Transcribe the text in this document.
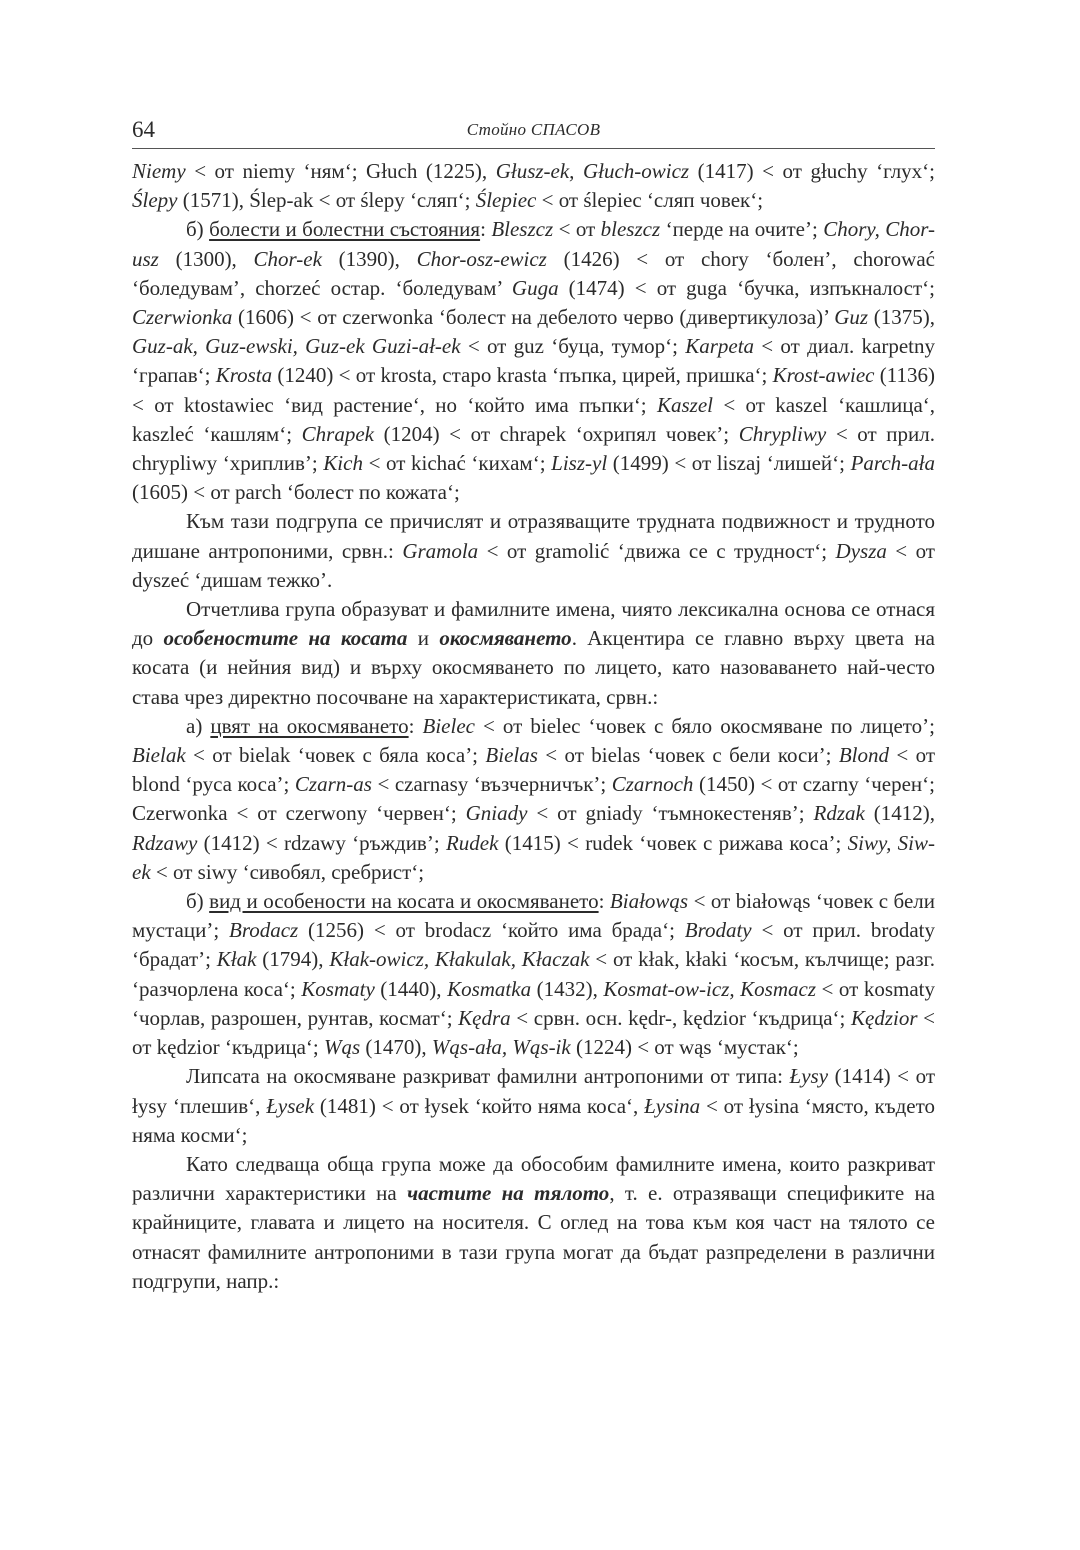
64	Стойно СПАСОВ

Niemy < от niemy ‘ням‘; Głuch (1225), Głusz-ek, Głuch-owicz (1417) < от głuchy ‘глух‘; Ślepy (1571), Ślep-ak < от ślepy ‘сляп‘; Ślepiec < от ślepiec ‘сляп човек‘;

б) болести и болестни състояния: Bleszcz < от bleszcz ‘перде на очите’; Chory, Chor-usz (1300), Chor-ek (1390), Chor-osz-ewicz (1426) < от chory ‘болен’, chorować ‘боледувам’, chorzeć остар. ‘боледувам’ Guga (1474) < от guga ‘бучка, изпъкналост‘; Czerwionka (1606) < от czerwonka ‘болест на дебелото черво (дивертикулоза)’ Guz (1375), Guz-ak, Guz-ewski, Guz-ek Guzi-ał-ek < от guz ‘буца, тумор‘; Karpeta < от диал. karpetny ‘грапав‘; Krosta (1240) < от krosta, старо krasta ‘пъпка, цирей, пришка‘; Krost-awiec (1136) < от ktostawiec ‘вид растение‘, но ‘който има пъпки‘; Kaszel < от kaszel ‘кашлица‘, kaszleć ‘кашлям‘; Chrapek (1204) < от chrapek ‘охрипял човек’; Chrypliwy < от прил. chrypliwy ‘хриплив’; Kich < от kichać ‘кихам‘; Lisz-yl (1499) < от liszaj ‘лишей‘; Parch-ała (1605) < от parch ‘болест по кожата‘;

Към тази подгрупа се причислят и отразяващите трудната подвижност и трудното дишане антропоними, срвн.: Gramola < от gramolić ‘движа се с трудност‘; Dysza < от dyszeć ‘дишам тежко’.

Отчетлива група образуват и фамилните имена, чиято лексикална основа се отнася до особеностите на косата и окосмяването. Акцентира се главно върху цвета на косата (и нейния вид) и върху окосмяването по лицето, като назоваването най-често става чрез директно посочване на характеристиката, срвн.:

а) цвят на окосмяването: Bielec < от bielec ‘човек с бяло окосмяване по лицето’; Bielak < от bielak ‘човек с бяла коса’; Bielas < от bielas ‘човек с бели коси’; Blond < от blond ‘руса коса’; Czarn-as < czarnasy ‘възчерничък’; Czarnoch (1450) < от czarny ‘черен‘; Czerwonka < от czerwony ‘червен‘; Gniady < от gniady ‘тъмнокестеняв’; Rdzak (1412), Rdzawy (1412) < rdzawy ‘ръждив’; Rudek (1415) < rudek ‘човек с рижава коса’; Siwy, Siw-ek < от siwy ‘сивобял, сребрист‘;

б) вид и особености на косата и окосмяването: Białowąs < от białowąs ‘човек с бели мустаци’; Brodacz (1256) < от brodacz ‘който има брада‘; Brodaty < от прил. brodaty ‘брадат’; Kłak (1794), Kłak-owicz, Kłakulak, Kłaczak < от kłak, kłaki ‘косъм, кълчище; разг. ‘разчорлена коса‘; Kosmaty (1440), Kosmatka (1432), Kosmat-ow-icz, Kosmacz < от kosmaty ‘чорлав, разрошен, рунтав, космат‘; Kędra < срвн. осн. kędr-, kędzior ‘къдрица‘; Kędzior < от kędzior ‘къдрица‘; Wąs (1470), Wąs-ała, Wąs-ik (1224) < от wąs ‘мустак‘;

Липсата на окосмяване разкриват фамилни антропоними от типа: Łysy (1414) < от łysy ‘плешив‘, Łysek (1481) < от łysek ‘който няма коса‘, Łysina < от łysina ‘място, където няма косми‘;

Като следваща обща група може да обособим фамилните имена, които разкриват различни характеристики на частите на тялото, т. е. отразяващи спецификите на крайниците, главата и лицето на носителя. С оглед на това към коя част на тялото се отнасят фамилните антропоними в тази група могат да бъдат разпределени в различни подгрупи, напр.:
